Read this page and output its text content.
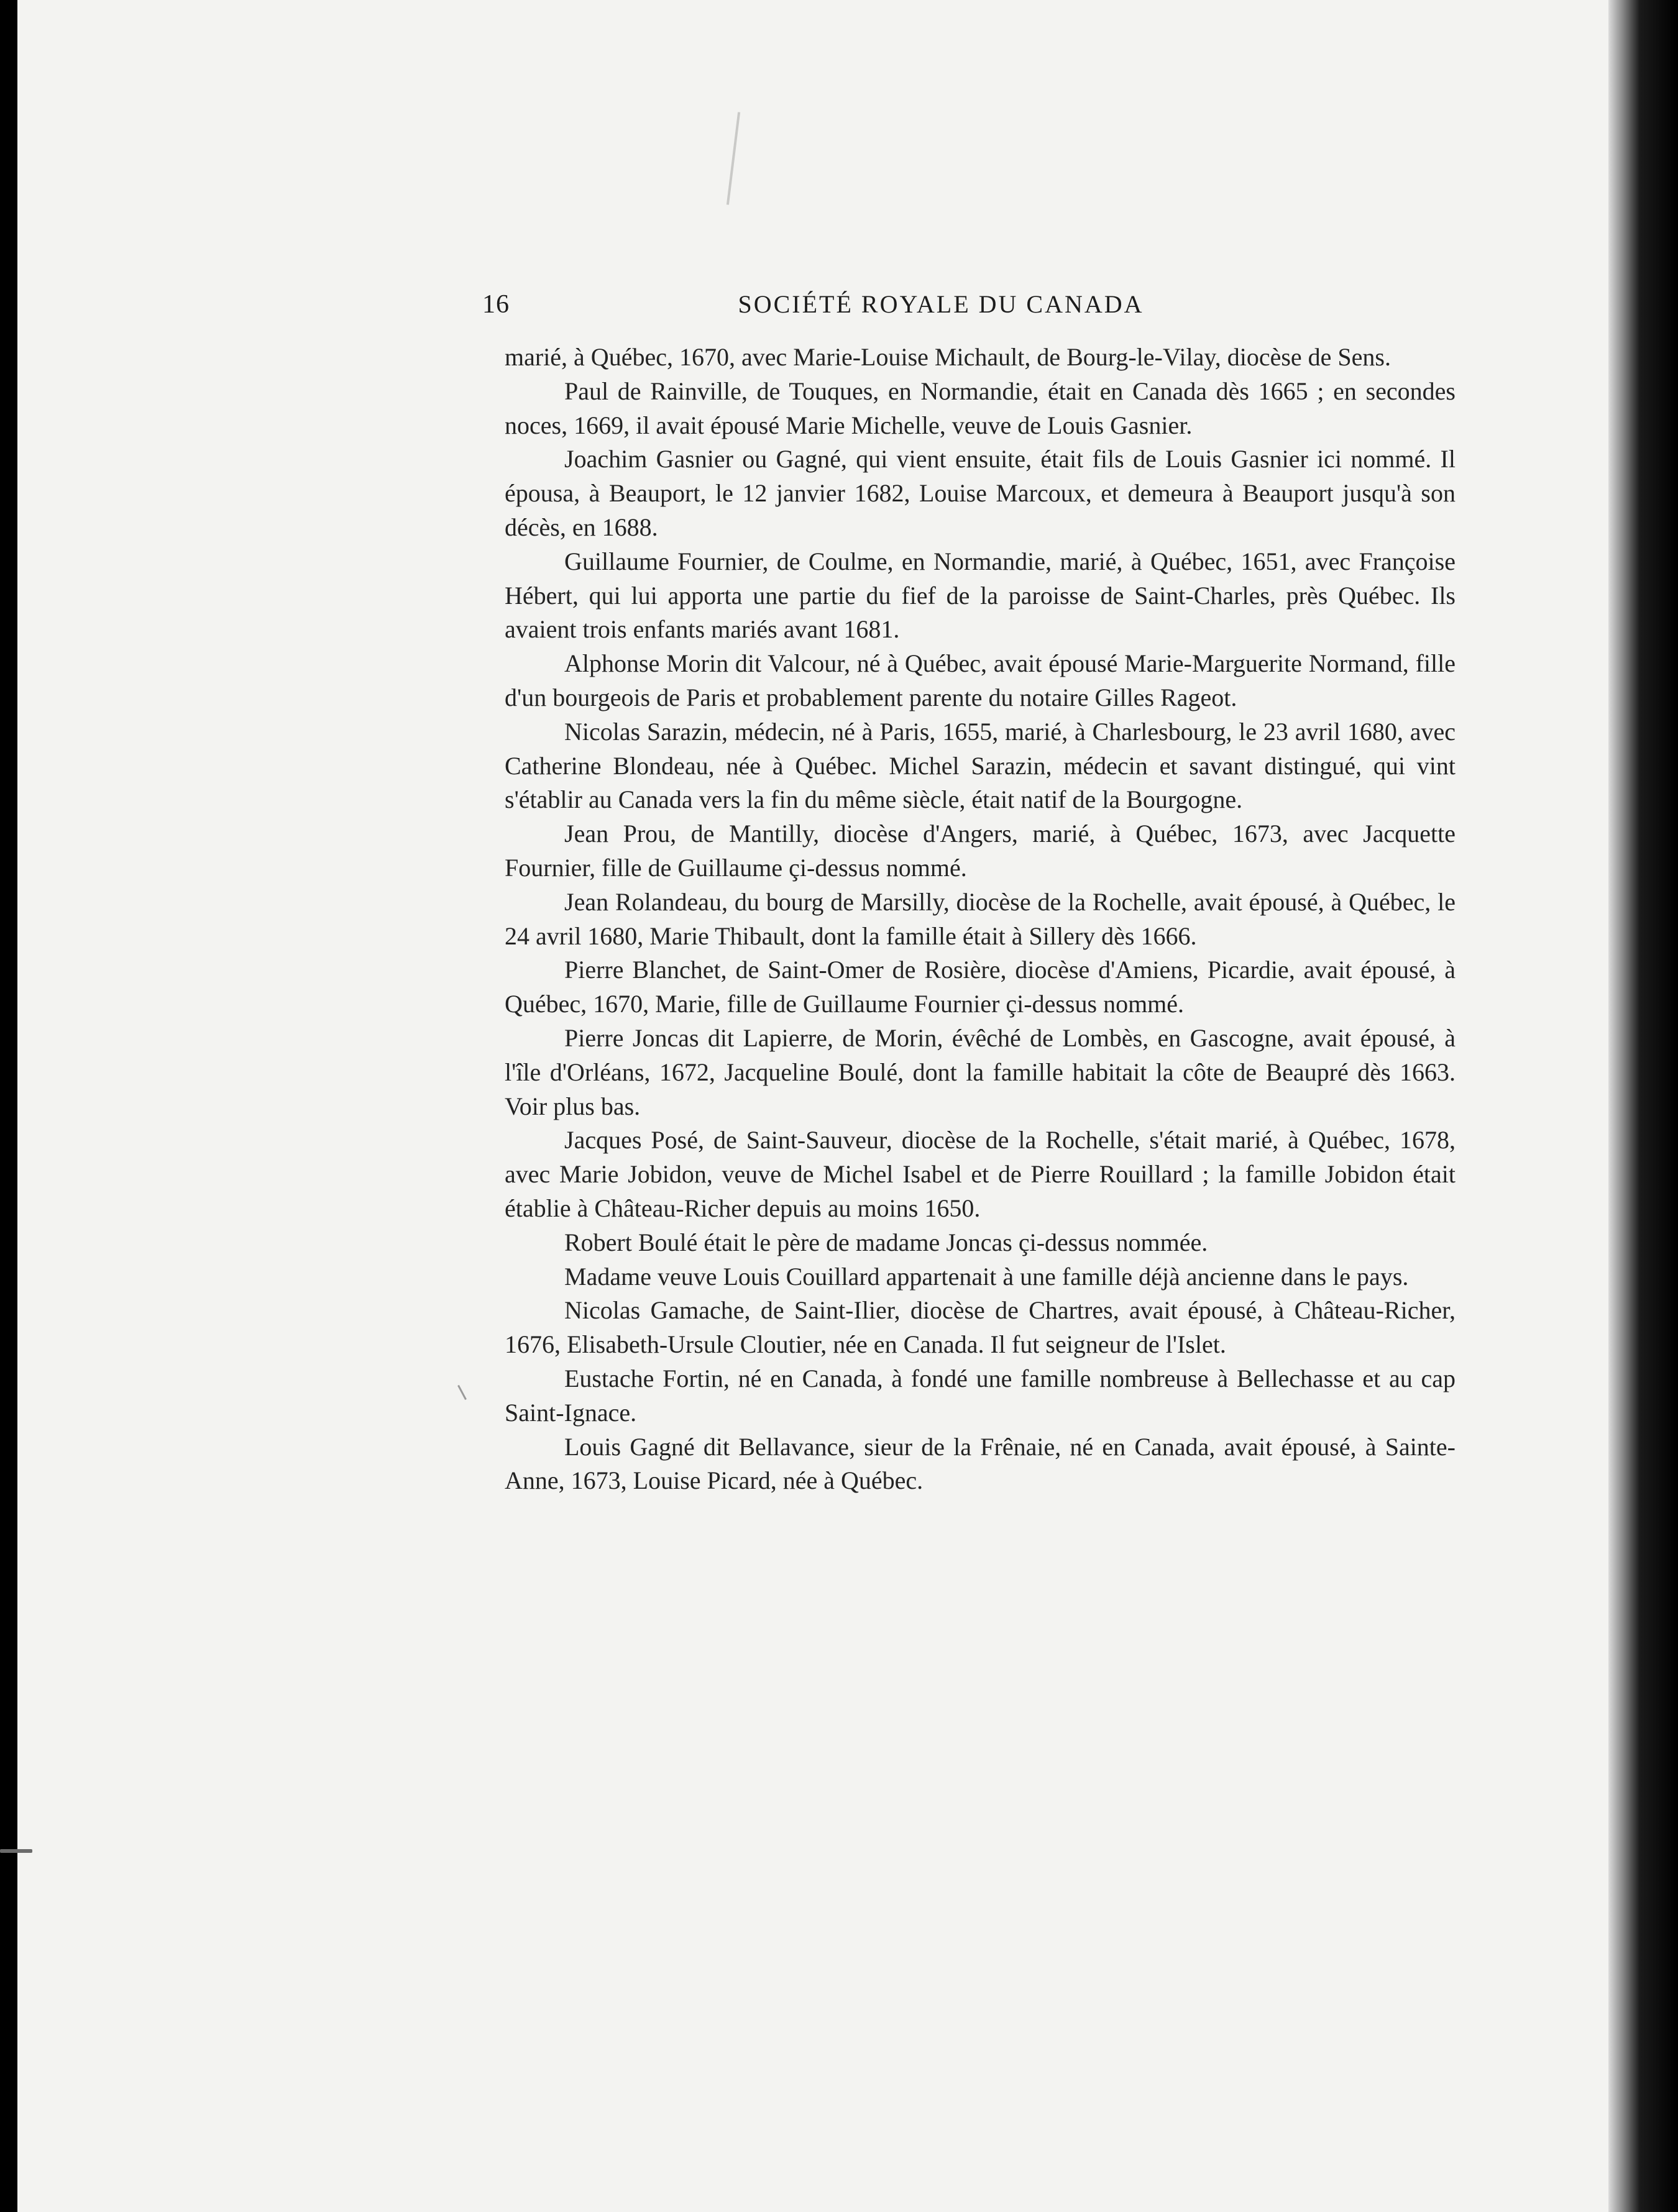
16	SOCIÉTÉ ROYALE DU CANADA

marié, à Québec, 1670, avec Marie-Louise Michault, de Bourg-le-Vilay, diocèse de Sens.

Paul de Rainville, de Touques, en Normandie, était en Canada dès 1665 ; en secondes noces, 1669, il avait épousé Marie Michelle, veuve de Louis Gasnier.

Joachim Gasnier ou Gagné, qui vient ensuite, était fils de Louis Gasnier ici nommé. Il épousa, à Beauport, le 12 janvier 1682, Louise Marcoux, et demeura à Beauport jusqu'à son décès, en 1688.

Guillaume Fournier, de Coulme, en Normandie, marié, à Québec, 1651, avec Françoise Hébert, qui lui apporta une partie du fief de la paroisse de Saint-Charles, près Québec. Ils avaient trois enfants mariés avant 1681.

Alphonse Morin dit Valcour, né à Québec, avait épousé Marie-Marguerite Normand, fille d'un bourgeois de Paris et probablement parente du notaire Gilles Rageot.

Nicolas Sarazin, médecin, né à Paris, 1655, marié, à Charlesbourg, le 23 avril 1680, avec Catherine Blondeau, née à Québec. Michel Sarazin, médecin et savant distingué, qui vint s'établir au Canada vers la fin du même siècle, était natif de la Bourgogne.

Jean Prou, de Mantilly, diocèse d'Angers, marié, à Québec, 1673, avec Jacquette Fournier, fille de Guillaume çi-dessus nommé.

Jean Rolandeau, du bourg de Marsilly, diocèse de la Rochelle, avait épousé, à Québec, le 24 avril 1680, Marie Thibault, dont la famille était à Sillery dès 1666.

Pierre Blanchet, de Saint-Omer de Rosière, diocèse d'Amiens, Picardie, avait épousé, à Québec, 1670, Marie, fille de Guillaume Fournier çi-dessus nommé.

Pierre Joncas dit Lapierre, de Morin, évêché de Lombès, en Gascogne, avait épousé, à l'île d'Orléans, 1672, Jacqueline Boulé, dont la famille habitait la côte de Beaupré dès 1663. Voir plus bas.

Jacques Posé, de Saint-Sauveur, diocèse de la Rochelle, s'était marié, à Québec, 1678, avec Marie Jobidon, veuve de Michel Isabel et de Pierre Rouillard ; la famille Jobidon était établie à Château-Richer depuis au moins 1650.

Robert Boulé était le père de madame Joncas çi-dessus nommée.

Madame veuve Louis Couillard appartenait à une famille déjà ancienne dans le pays.

Nicolas Gamache, de Saint-Ilier, diocèse de Chartres, avait épousé, à Château-Richer, 1676, Elisabeth-Ursule Cloutier, née en Canada. Il fut seigneur de l'Islet.

Eustache Fortin, né en Canada, à fondé une famille nombreuse à Bellechasse et au cap Saint-Ignace.

Louis Gagné dit Bellavance, sieur de la Frênaie, né en Canada, avait épousé, à Sainte-Anne, 1673, Louise Picard, née à Québec.
